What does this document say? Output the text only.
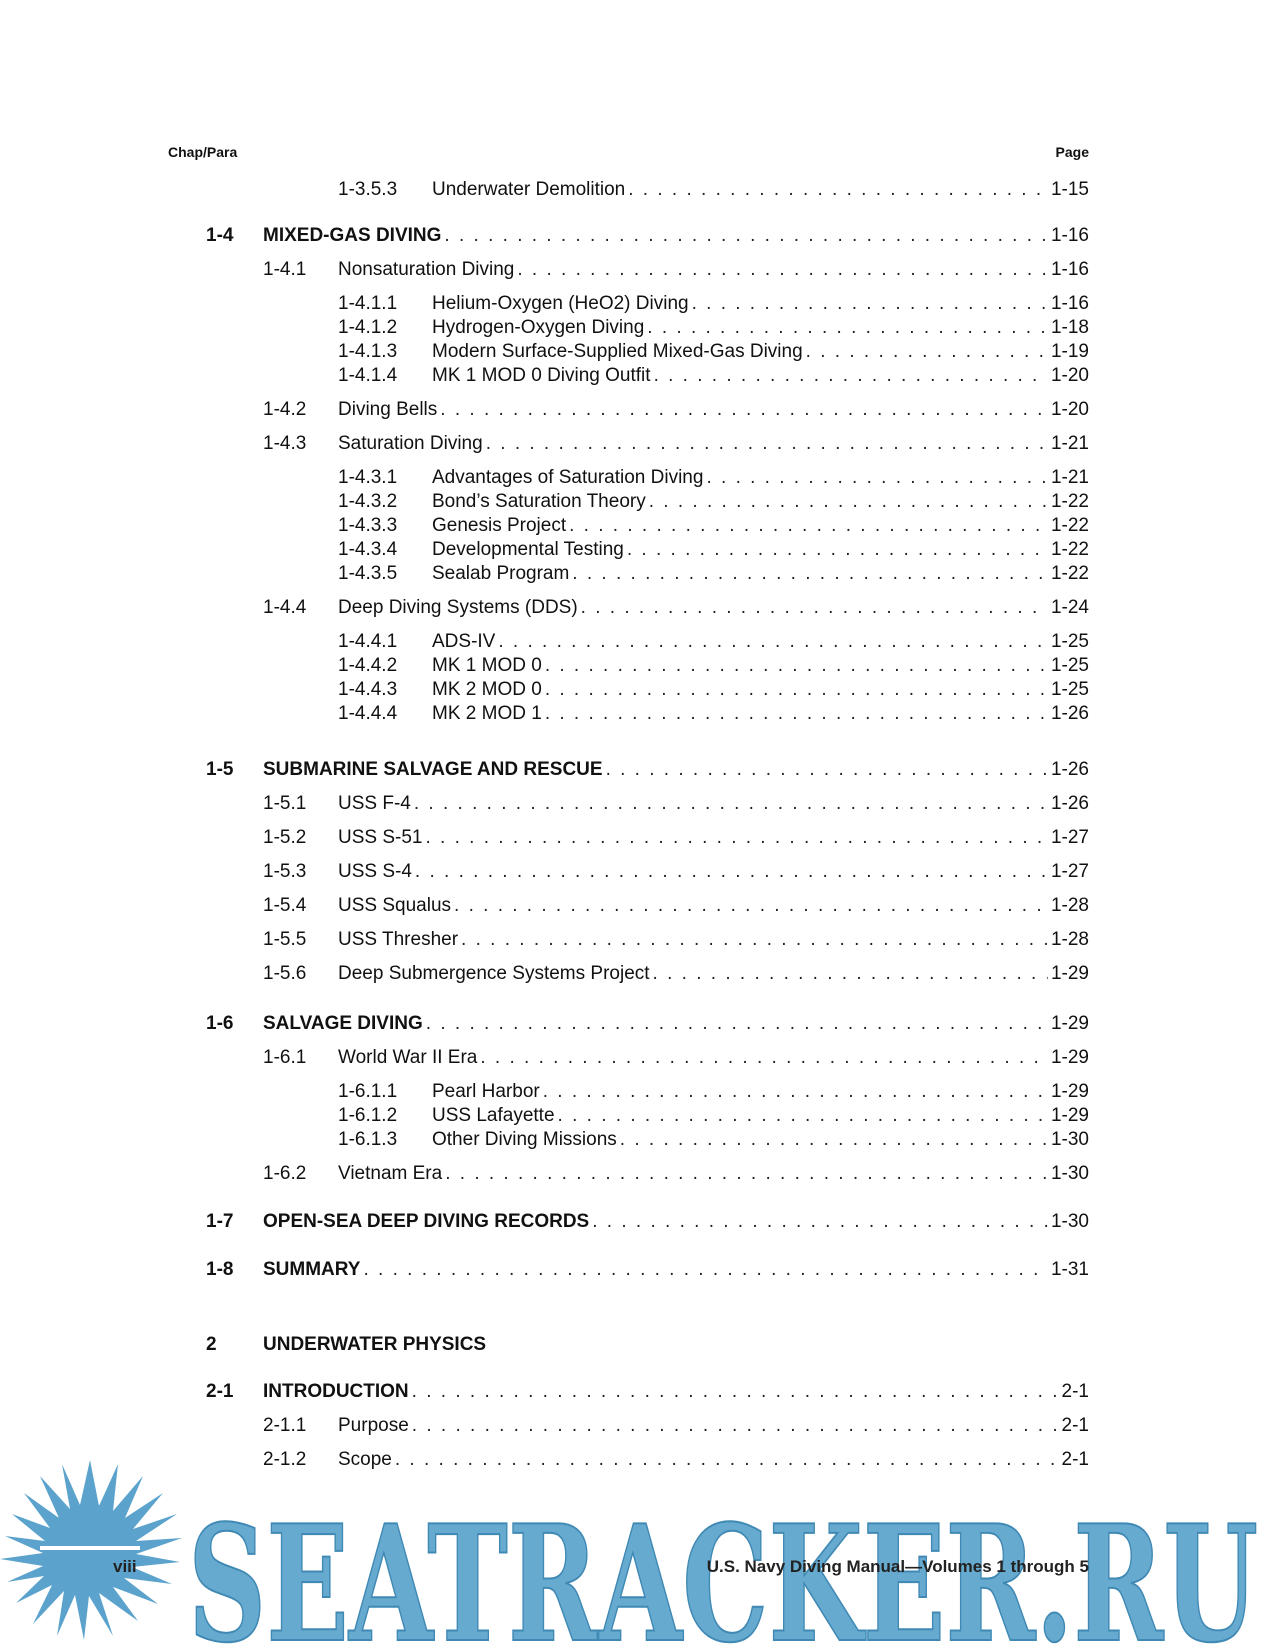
Chap/Para	Page
1-3.5.3 Underwater Demolition . . .	1-15
1-4 MIXED-GAS DIVING . . .	1-16
1-4.1 Nonsaturation Diving . . .	1-16
1-4.1.1 Helium-Oxygen (HeO2) Diving . . .	1-16
1-4.1.2 Hydrogen-Oxygen Diving . . .	1-18
1-4.1.3 Modern Surface-Supplied Mixed-Gas Diving . . .	1-19
1-4.1.4 MK 1 MOD 0 Diving Outfit . . .	1-20
1-4.2 Diving Bells . . .	1-20
1-4.3 Saturation Diving . . .	1-21
1-4.3.1 Advantages of Saturation Diving . . .	1-21
1-4.3.2 Bond’s Saturation Theory . . .	1-22
1-4.3.3 Genesis Project . . .	1-22
1-4.3.4 Developmental Testing . . .	1-22
1-4.3.5 Sealab Program . . .	1-22
1-4.4 Deep Diving Systems (DDS) . . .	1-24
1-4.4.1 ADS-IV . . .	1-25
1-4.4.2 MK 1 MOD 0 . . .	1-25
1-4.4.3 MK 2 MOD 0 . . .	1-25
1-4.4.4 MK 2 MOD 1 . . .	1-26
1-5 SUBMARINE SALVAGE AND RESCUE . . .	1-26
1-5.1 USS F-4 . . .	1-26
1-5.2 USS S-51 . . .	1-27
1-5.3 USS S-4 . . .	1-27
1-5.4 USS Squalus . . .	1-28
1-5.5 USS Thresher . . .	1-28
1-5.6 Deep Submergence Systems Project . . .	1-29
1-6 SALVAGE DIVING . . .	1-29
1-6.1 World War II Era . . .	1-29
1-6.1.1 Pearl Harbor . . .	1-29
1-6.1.2 USS Lafayette . . .	1-29
1-6.1.3 Other Diving Missions . . .	1-30
1-6.2 Vietnam Era . . .	1-30
1-7 OPEN-SEA DEEP DIVING RECORDS . . .	1-30
1-8 SUMMARY . . .	1-31
2 UNDERWATER PHYSICS
2-1 INTRODUCTION . . .	2-1
2-1.1 Purpose . . .	2-1
2-1.2 Scope . . .	2-1
SEATRACKER.RU
viii	U.S. Navy Diving Manual—Volumes 1 through 5
